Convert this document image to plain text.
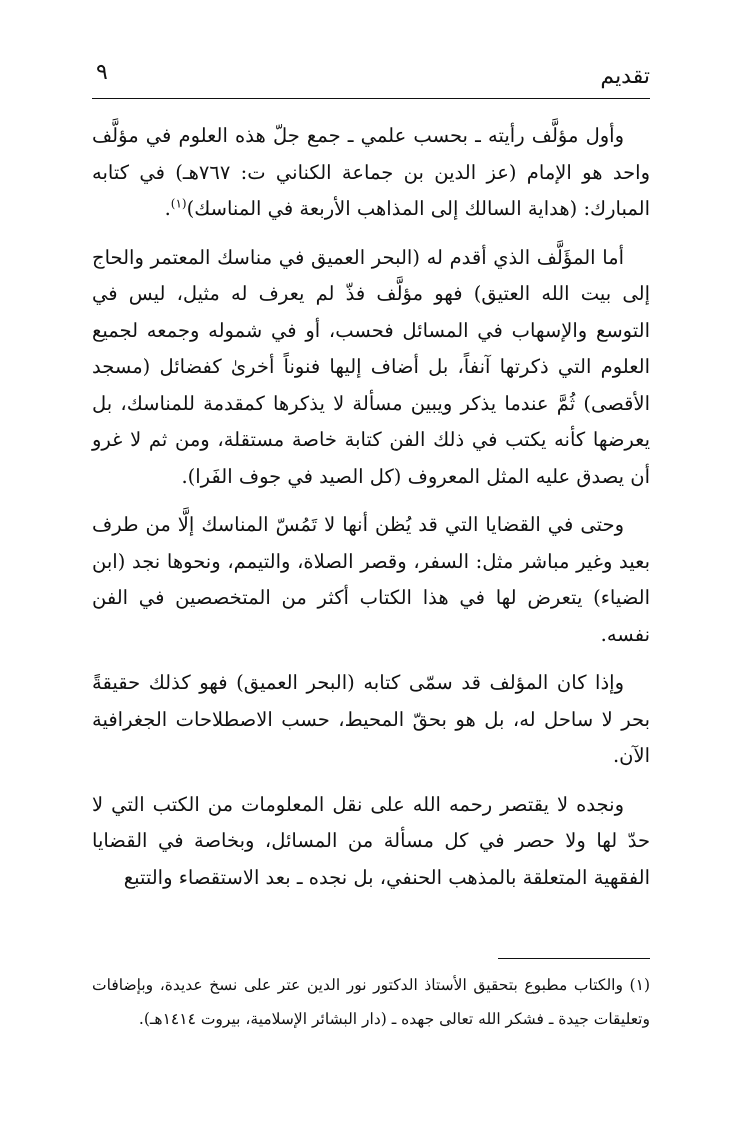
تقديم
٩

وأول مؤلَّف رأيته ـ بحسب علمي ـ جمع جلّ هذه العلوم في مؤلَّف واحد هو الإمام (عز الدين بن جماعة الكناني ت: ٧٦٧هـ) في كتابه المبارك: (هداية السالك إلى المذاهب الأربعة في المناسك)$^{(١)}$.

أما المؤَلَّف الذي أقدم له (البحر العميق في مناسك المعتمر والحاج إلى بيت الله العتيق) فهو مؤلَّف فذّ لم يعرف له مثيل، ليس في التوسع والإسهاب في المسائل فحسب، أو في شموله وجمعه لجميع العلوم التي ذكرتها آنفاً، بل أضاف إليها فنوناً أخرىٰ كفضائل (مسجد الأقصى) ثُمَّ عندما يذكر ويبين مسألة لا يذكرها كمقدمة للمناسك، بل يعرضها كأنه يكتب في ذلك الفن كتابة خاصة مستقلة، ومن ثم لا غرو أن يصدق عليه المثل المعروف (كل الصيد في جوف الفَرا).

وحتى في القضايا التي قد يُظن أنها لا تَمُسّ المناسك إلَّا من طرف بعيد وغير مباشر مثل: السفر، وقصر الصلاة، والتيمم، ونحوها نجد (ابن الضياء) يتعرض لها في هذا الكتاب أكثر من المتخصصين في الفن نفسه.

وإذا كان المؤلف قد سمّى كتابه (البحر العميق) فهو كذلك حقيقةً بحر لا ساحل له، بل هو بحقّ المحيط، حسب الاصطلاحات الجغرافية الآن.

ونجده لا يقتصر رحمه الله على نقل المعلومات من الكتب التي لا حدّ لها ولا حصر في كل مسألة من المسائل، وبخاصة في القضايا الفقهية المتعلقة بالمذهب الحنفي، بل نجده ـ بعد الاستقصاء والتتبع

(١) والكتاب مطبوع بتحقيق الأستاذ الدكتور نور الدين عتر على نسخ عديدة، وبإضافات وتعليقات جيدة ـ فشكر الله تعالى جهده ـ (دار البشائر الإسلامية، بيروت ١٤١٤هـ).
